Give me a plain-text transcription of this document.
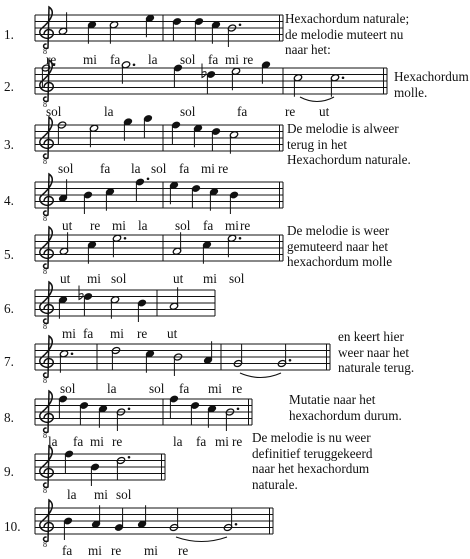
8
8
8
8
8
8
8
8
8
8
1.
re mi fa la sol fa mi re
Hexachordum naturale;
de melodie muteert nu
naar het:
2.
sol	la	sol	fa	re ut
Hexachordum
molle.
3.
sol fa la sol fa mi re
De melodie is alweer
terug in het
Hexachordum naturale.
4.
ut re mi la sol fa mi re
5.
ut mi sol	ut mi sol
De melodie is weer
gemuteerd naar het
hexachordum molle
6.
mi fa mi re ut
7.
sol la sol fa mi re
en keert hier
weer naar het
naturale terug.
8.
la fa mi re	la fa mi re
Mutatie naar het
hexachordum durum.
9.
la mi sol
De melodie is nu weer
definitief teruggekeerd
naar het hexachordum
naturale.
10.
fa mi re mi re
